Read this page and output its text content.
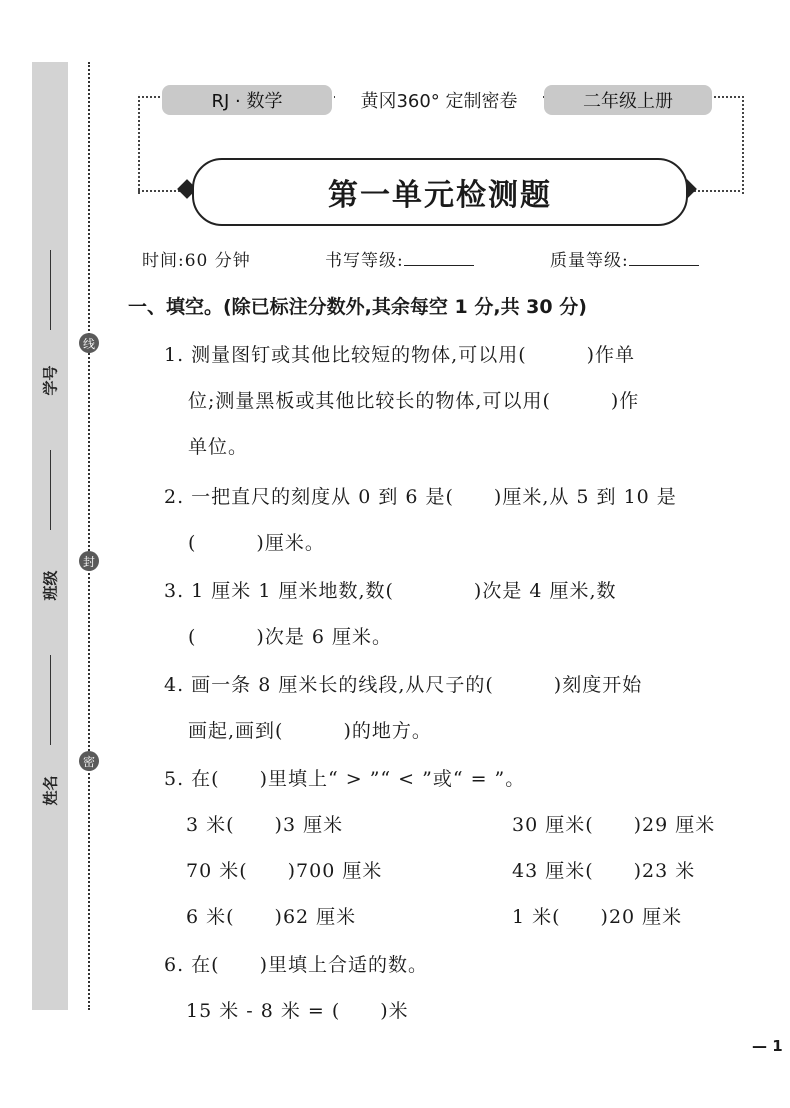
学号
班级
姓名
线
封
密
RJ · 数学	黄冈360° 定制密卷	二年级上册
第一单元检测题
时间:60 分钟	书写等级:	质量等级:
一、填空。(除已标注分数外,其余每空 1 分,共 30 分)
1. 测量图钉或其他比较短的物体,可以用(　　　)作单
位;测量黑板或其他比较长的物体,可以用(　　　)作
单位。
2. 一把直尺的刻度从 0 到 6 是(　　)厘米,从 5 到 10 是
(　　　)厘米。
3. 1 厘米 1 厘米地数,数(　　　　)次是 4 厘米,数
(　　　)次是 6 厘米。
4. 画一条 8 厘米长的线段,从尺子的(　　　)刻度开始
画起,画到(　　　)的地方。
5. 在(　　)里填上“ > ”“ < ”或“ = ”。
3 米(　　)3 厘米	30 厘米(　　)29 厘米
70 米(　　)700 厘米	43 厘米(　　)23 米
6 米(　　)62 厘米	1 米(　　)20 厘米
6. 在(　　)里填上合适的数。
15 米 - 8 米 = (　　)米
— 1
